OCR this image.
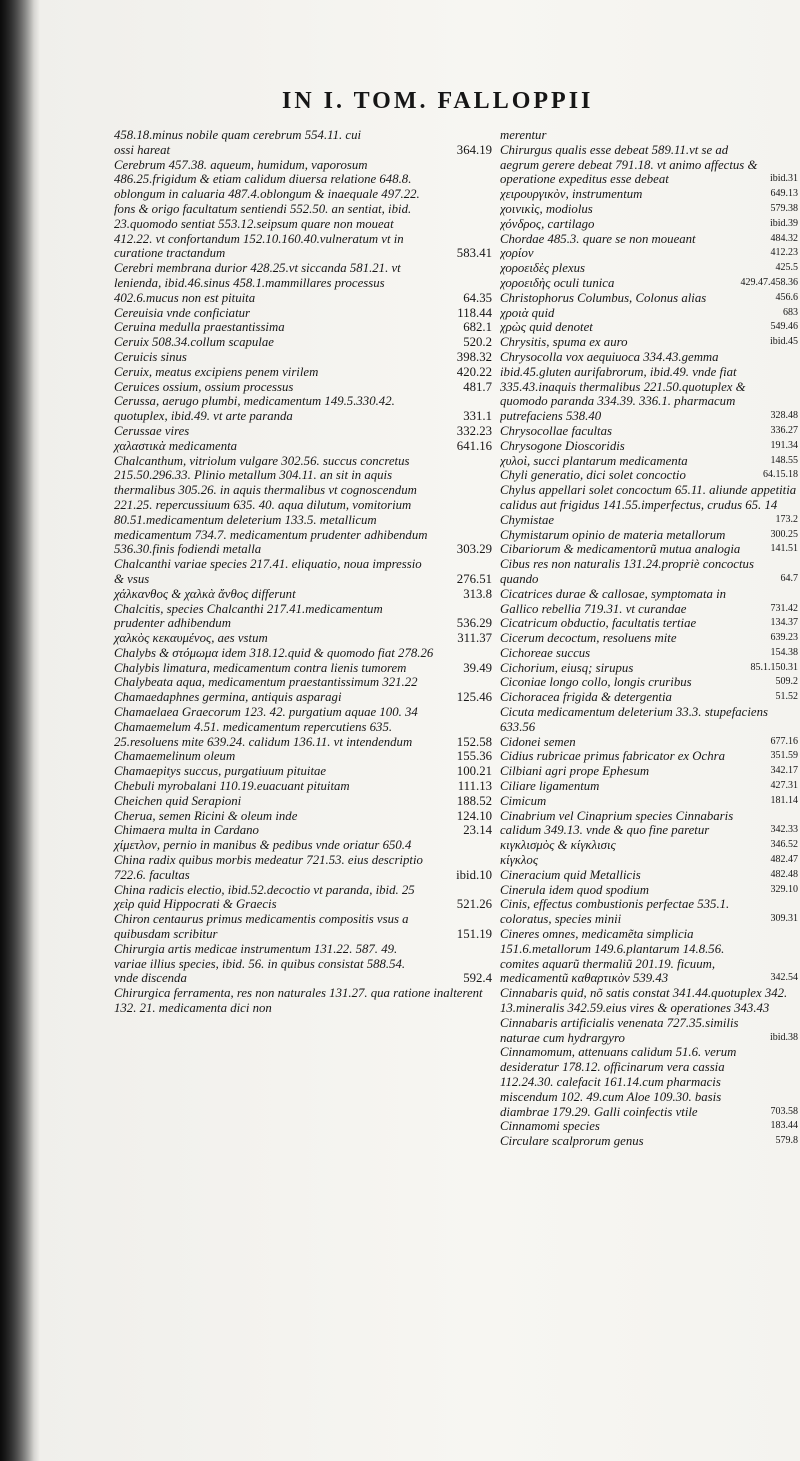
IN I. TOM. FALLOPPII
458.18.minus nobile quam cerebrum 554.11. cui
ossi hareat	364.19
Cerebrum 457.38. aqueum, humidum, vaporosum 486.25.frigidum & etiam calidum diuersa relatione 648.8. oblongum in caluaria 487.4.oblongum & inaequale 497.22. fons & origo facultatum sentiendi 552.50. an sentiat, ibid. 23.quomodo sentiat 553.12.seipsum quare non moueat 412.22. vt confortandum 152.10.160.40.vulneratum vt in curatione tractandum	583.41
Cerebri membrana durior 428.25.vt siccanda 581.21. vt lenienda, ibid.46.sinus 458.1.mammillares processus 402.6.mucus non est pituita	64.35
Cereuisia vnde conficiatur	118.44
Ceruina medulla praestantissima	682.1
Ceruix 508.34.collum scapulae	520.2
Ceruicis sinus	398.32
Ceruix, meatus excipiens penem virilem	420.22
Ceruices ossium, ossium processus	481.7
Cerussa, aerugo plumbi, medicamentum 149.5.330.42. quotuplex, ibid.49. vt arte paranda	331.1
Cerussae vires	332.23
χαλαστικὰ medicamenta	641.16
Chalcanthum, vitriolum vulgare 302.56. succus concretus 215.50.296.33. Plinio metallum 304.11. an sit in aquis thermalibus 305.26. in aquis thermalibus vt cognoscendum 221.25. repercussiuum 635. 40. aqua dilutum, vomitorium 80.51.medicamentum deleterium 133.5. metallicum medicamentum 734.7. medicamentum prudenter adhibendum 536.30.finis fodiendi metalla	303.29
Chalcanthi variae species 217.41. eliquatio, noua impressio & vsus	276.51
χάλκανθος & χαλκὰ ἄνθος differunt	313.8
Chalcitis, species Chalcanthi 217.41.medicamentum prudenter adhibendum	536.29
χαλκὸς κεκαυμένος, aes vstum	311.37
Chalybs & στόμωμα idem 318.12.quid & quomodo fiat 278.26
Chalybis limatura, medicamentum contra lienis tumorem	39.49
Chalybeata aqua, medicamentum praestantissimum 321.22
Chamaedaphnes germina, antiquis asparagi	125.46
Chamaelaea Graecorum 123. 42. purgatium aquae 100. 34
Chamaemelum 4.51. medicamentum repercutiens 635. 25.resoluens mite 639.24. calidum 136.11. vt intendendum	152.58
Chamaemelinum oleum	155.36
Chamaepitys succus, purgatiuum pituitae	100.21
Chebuli myrobalani 110.19.euacuant pituitam	111.13
Cheichen quid Serapioni	188.52
Cherua, semen Ricini & oleum inde	124.10
Chimaera multa in Cardano	23.14
χίμετλον, pernio in manibus & pedibus vnde oriatur 650.4
China radix quibus morbis medeatur 721.53. eius descriptio 722.6. facultas	ibid.10
China radicis electio, ibid.52.decoctio vt paranda, ibid. 25
χεὶρ quid Hippocrati & Graecis	521.26
Chiron centaurus primus medicamentis compositis vsus a quibusdam scribitur	151.19
Chirurgia artis medicae instrumentum 131.22. 587. 49. variae illius species, ibid. 56. in quibus consistat 588.54. vnde discenda	592.4
Chirurgica ferramenta, res non naturales 131.27. qua ratione inalterent 132. 21. medicamenta dici non
merentur
Chirurgus qualis esse debeat 589.11.vt se ad aegrum gerere debeat 791.18. vt animo affectus & operatione expeditus esse debeat	ibid.31
χειρουργικὸν, instrumentum	649.13
χοινικὶς, modiolus	579.38
χόνδρος, cartilago	ibid.39
Chordae 485.3. quare se non moueant	484.32
χορίον	412.23
χοροειδὲς plexus	425.5
χοροειδὴς oculi tunica	429.47.458.36
Christophorus Columbus, Colonus alias	456.6
χροιὰ quid	683
χρὼς quid denotet	549.46
Chrysitis, spuma ex auro	ibid.45
Chrysocolla vox aequiuoca 334.43.gemma ibid.45.gluten aurifabrorum, ibid.49. vnde fiat 335.43.inaquis thermalibus 221.50.quotuplex & quomodo paranda 334.39. 336.1. pharmacum putrefaciens 538.40	328.48
Chrysocollae facultas	336.27
Chrysogone Dioscoridis	191.34
χυλοὶ, succi plantarum medicamenta	148.55
Chyli generatio, dici solet concoctio	64.15.18
Chylus appellari solet concoctum 65.11. aliunde appetitia calidus aut frigidus 141.55.imperfectus, crudus 65. 14
Chymistae	173.2
Chymistarum opinio de materia metallorum	300.25
Cibariorum & medicamentorũ mutua analogia	141.51
Cibus res non naturalis 131.24.propriè concoctus quando	64.7
Cicatrices durae & callosae, symptomata in Gallico rebellia 719.31. vt curandae	731.42
Cicatricum obductio, facultatis tertiae	134.37
Cicerum decoctum, resoluens mite	639.23
Cichoreae succus	154.38
Cichorium, eiusq; sirupus	85.1.150.31
Ciconiae longo collo, longis cruribus	509.2
Cichoracea frigida & detergentia	51.52
Cicuta medicamentum deleterium 33.3. stupefaciens 633.56
Cidonei semen	677.16
Cidius rubricae primus fabricator ex Ochra	351.59
Cilbiani agri prope Ephesum	342.17
Ciliare ligamentum	427.31
Cimicum	181.14
Cinabrium vel Cinaprium species Cinnabaris calidum 349.13. vnde & quo fine paretur	342.33
κιγκλισμὸς & κίγκλισις	346.52
κίγκλος	482.47
Cineracium quid Metallicis	482.48
Cinerula idem quod spodium	329.10
Cinis, effectus combustionis perfectae 535.1. coloratus, species minii	309.31
Cineres omnes, medicamẽta simplicia 151.6.metallorum 149.6.plantarum 14.8.56. comites aquarũ thermaliũ 201.19. ficuum, medicamentũ καθαρτικὸν 539.43	342.54
Cinnabaris quid, nõ satis constat 341.44.quotuplex 342. 13.mineralis 342.59.eius vires & operationes 343.43
Cinnabaris artificialis venenata 727.35.similis naturae cum hydrargyro	ibid.38
Cinnamomum, attenuans calidum 51.6. verum desideratur 178.12. officinarum vera cassia 112.24.30. calefacit 161.14.cum pharmacis miscendum 102. 49.cum Aloe 109.30. basis diambrae 179.29. Galli coinfectis vtile	703.58
Cinnamomi species	183.44
Circulare scalprorum genus	579.8
